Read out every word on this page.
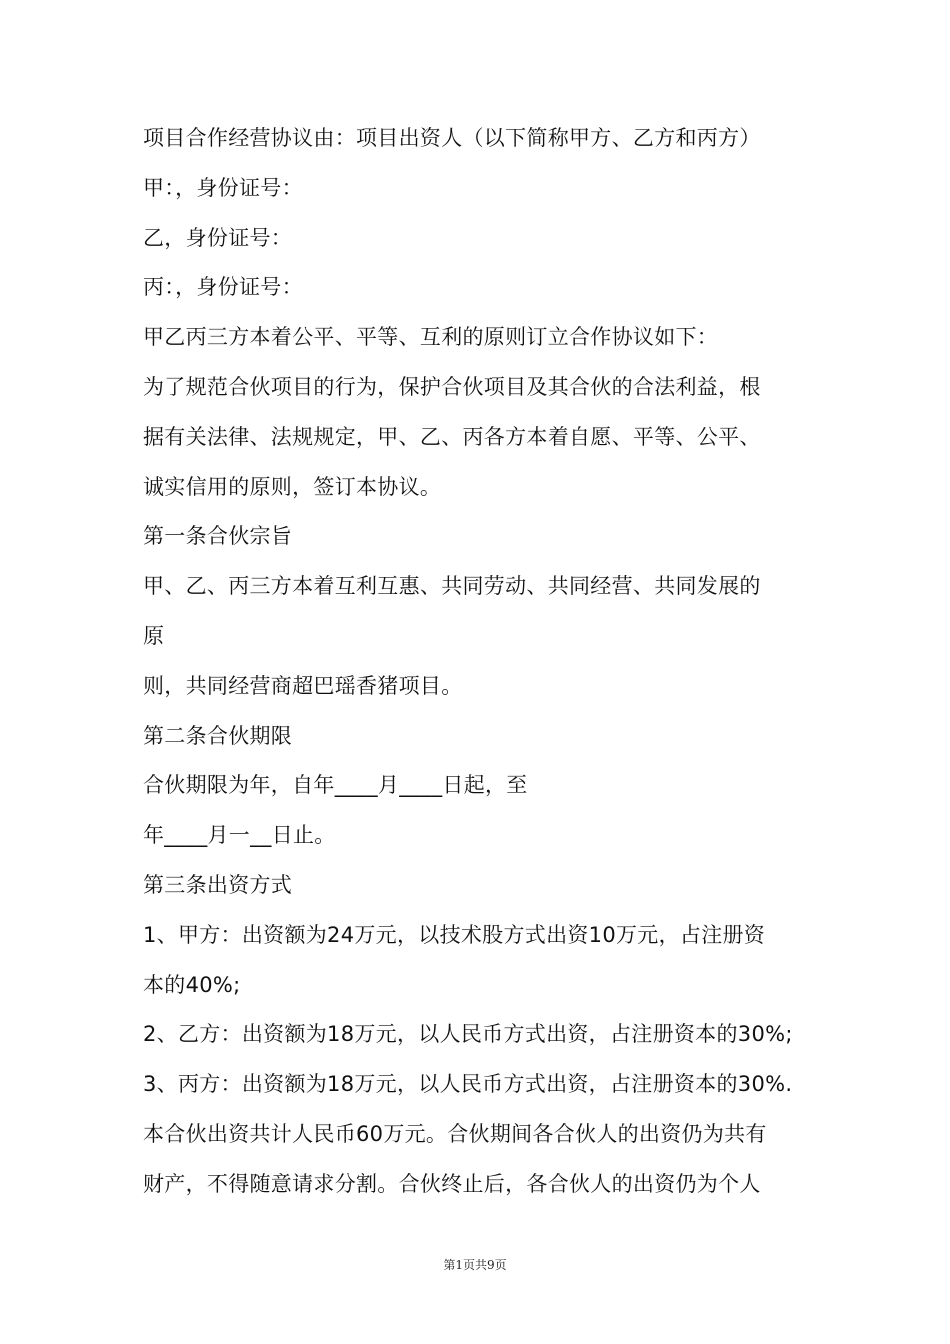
项目合作经营协议由：项目出资人（以下简称甲方、乙方和丙方）
甲：，身份证号：
乙，身份证号：
丙：，身份证号：
甲乙丙三方本着公平、平等、互利的原则订立合作协议如下：
为了规范合伙项目的行为，保护合伙项目及其合伙的合法利益，根
据有关法律、法规规定，甲、乙、丙各方本着自愿、平等、公平、
诚实信用的原则，签订本协议。
第一条合伙宗旨
甲、乙、丙三方本着互利互惠、共同劳动、共同经营、共同发展的
原
则，共同经营商超巴瑶香猪项目。
第二条合伙期限
合伙期限为年，自年____月____日起，至
年____月一__日止。
第三条出资方式
1、甲方：出资额为24万元，以技术股方式出资10万元，占注册资
本的40%;
2、乙方：出资额为18万元，以人民币方式出资，占注册资本的30%;
3、丙方：出资额为18万元，以人民币方式出资，占注册资本的30%.
本合伙出资共计人民币60万元。合伙期间各合伙人的出资仍为共有
财产，不得随意请求分割。合伙终止后，各合伙人的出资仍为个人
第1页共9页
